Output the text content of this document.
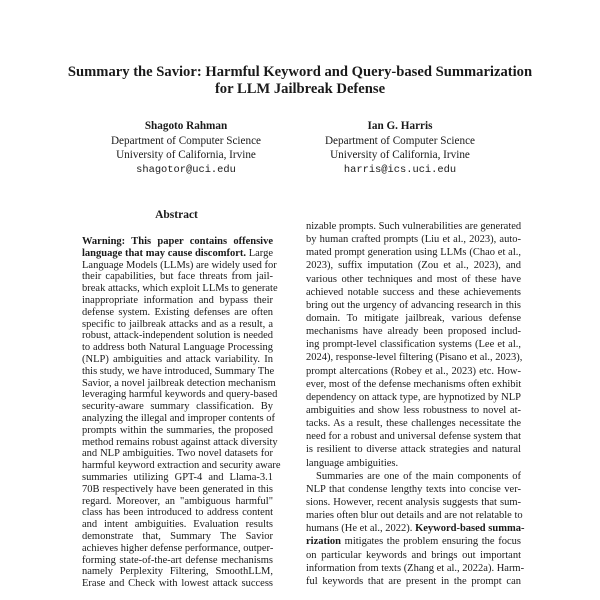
Summary the Savior: Harmful Keyword and Query-based Summarization
for LLM Jailbreak Defense
Shagoto Rahman
Department of Computer Science
University of California, Irvine
shagotor@uci.edu
Ian G. Harris
Department of Computer Science
University of California, Irvine
harris@ics.uci.edu
Abstract
Warning: This paper contains offensive
language that may cause discomfort. Large
Language Models (LLMs) are widely used for
their capabilities, but face threats from jail-
break attacks, which exploit LLMs to generate
inappropriate information and bypass their
defense system. Existing defenses are often
specific to jailbreak attacks and as a result, a
robust, attack-independent solution is needed
to address both Natural Language Processing
(NLP) ambiguities and attack variability. In
this study, we have introduced, Summary The
Savior, a novel jailbreak detection mechanism
leveraging harmful keywords and query-based
security-aware summary classification. By
analyzing the illegal and improper contents of
prompts within the summaries, the proposed
method remains robust against attack diversity
and NLP ambiguities. Two novel datasets for
harmful keyword extraction and security aware
summaries utilizing GPT-4 and Llama-3.1
70B respectively have been generated in this
regard. Moreover, an "ambiguous harmful"
class has been introduced to address content
and intent ambiguities. Evaluation results
demonstrate that, Summary The Savior
achieves higher defense performance, outper-
forming state-of-the-art defense mechanisms
namely Perplexity Filtering, SmoothLLM,
Erase and Check with lowest attack success
nizable prompts. Such vulnerabilities are generated
by human crafted prompts (Liu et al., 2023), auto-
mated prompt generation using LLMs (Chao et al.,
2023), suffix imputation (Zou et al., 2023), and
various other techniques and most of these have
achieved notable success and these achievements
bring out the urgency of advancing research in this
domain. To mitigate jailbreak, various defense
mechanisms have already been proposed includ-
ing prompt-level classification systems (Lee et al.,
2024), response-level filtering (Pisano et al., 2023),
prompt altercations (Robey et al., 2023) etc. How-
ever, most of the defense mechanisms often exhibit
dependency on attack type, are hypnotized by NLP
ambiguities and show less robustness to novel at-
tacks. As a result, these challenges necessitate the
need for a robust and universal defense system that
is resilient to diverse attack strategies and natural
language ambiguities.
Summaries are one of the main components of
NLP that condense lengthy texts into concise ver-
sions. However, recent analysis suggests that sum-
maries often blur out details and are not relatable to
humans (He et al., 2022). Keyword-based summa-
rization mitigates the problem ensuring the focus
on particular keywords and brings out important
information from texts (Zhang et al., 2022a). Harm-
ful keywords that are present in the prompt can
